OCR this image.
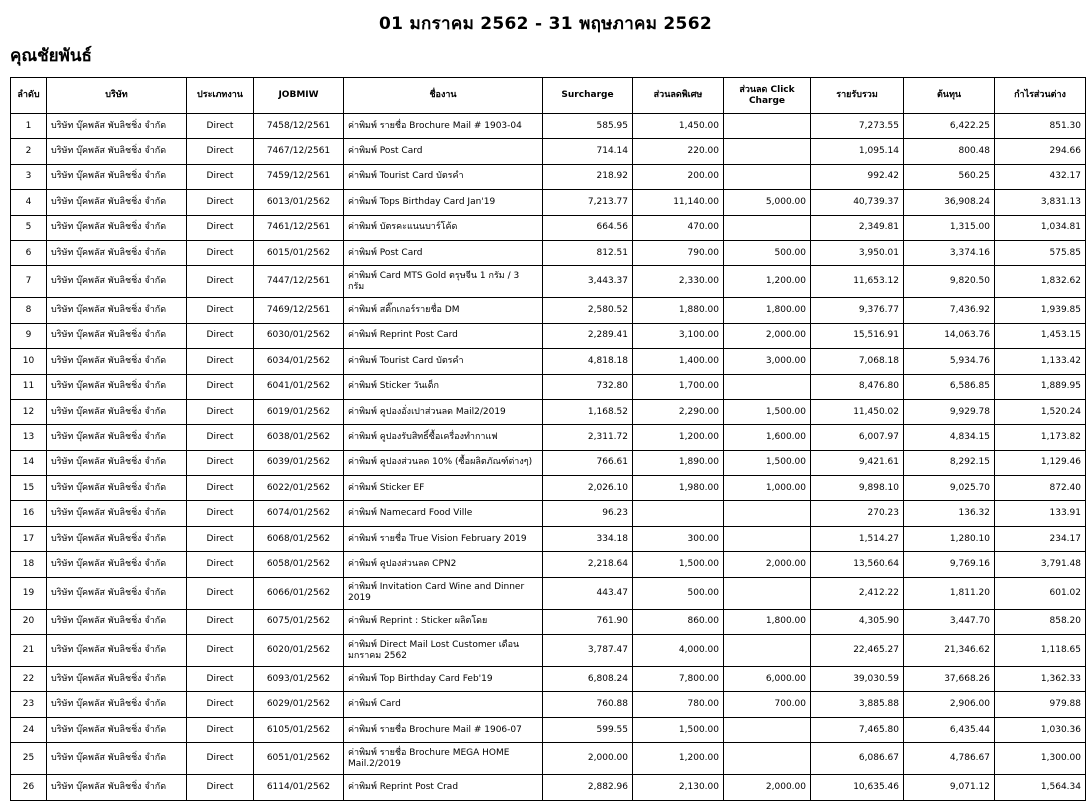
01 มกราคม 2562 - 31 พฤษภาคม 2562
คุณชัยพันธ์
ลำดับ	บริษัท	ประเภทงาน	JOBMIW	ชื่องาน	Surcharge	ส่วนลดพิเศษ	ส่วนลด Click Charge	รายรับรวม	ต้นทุน	กำไรส่วนต่าง
1	บริษัท บุ๊คพลัส พับลิชชิ่ง จำกัด	Direct	7458/12/2561	ค่าพิมพ์ รายชื่อ Brochure Mail # 1903-04	585.95	1,450.00		7,273.55	6,422.25	851.30
2	บริษัท บุ๊คพลัส พับลิชชิ่ง จำกัด	Direct	7467/12/2561	ค่าพิมพ์ Post Card	714.14	220.00		1,095.14	800.48	294.66
3	บริษัท บุ๊คพลัส พับลิชชิ่ง จำกัด	Direct	7459/12/2561	ค่าพิมพ์ Tourist Card บัตรคำ	218.92	200.00		992.42	560.25	432.17
4	บริษัท บุ๊คพลัส พับลิชชิ่ง จำกัด	Direct	6013/01/2562	ค่าพิมพ์ Tops Birthday Card Jan'19	7,213.77	11,140.00	5,000.00	40,739.37	36,908.24	3,831.13
5	บริษัท บุ๊คพลัส พับลิชชิ่ง จำกัด	Direct	7461/12/2561	ค่าพิมพ์ บัตรคะแนนบาร์โค้ด	664.56	470.00		2,349.81	1,315.00	1,034.81
6	บริษัท บุ๊คพลัส พับลิชชิ่ง จำกัด	Direct	6015/01/2562	ค่าพิมพ์ Post Card	812.51	790.00	500.00	3,950.01	3,374.16	575.85
7	บริษัท บุ๊คพลัส พับลิชชิ่ง จำกัด	Direct	7447/12/2561	ค่าพิมพ์ Card MTS Gold ตรุษจีน 1 กรัม / 3 กรัม	3,443.37	2,330.00	1,200.00	11,653.12	9,820.50	1,832.62
8	บริษัท บุ๊คพลัส พับลิชชิ่ง จำกัด	Direct	7469/12/2561	ค่าพิมพ์ สติ๊กเกอร์รายชื่อ DM	2,580.52	1,880.00	1,800.00	9,376.77	7,436.92	1,939.85
9	บริษัท บุ๊คพลัส พับลิชชิ่ง จำกัด	Direct	6030/01/2562	ค่าพิมพ์ Reprint Post Card	2,289.41	3,100.00	2,000.00	15,516.91	14,063.76	1,453.15
10	บริษัท บุ๊คพลัส พับลิชชิ่ง จำกัด	Direct	6034/01/2562	ค่าพิมพ์ Tourist Card บัตรคำ	4,818.18	1,400.00	3,000.00	7,068.18	5,934.76	1,133.42
11	บริษัท บุ๊คพลัส พับลิชชิ่ง จำกัด	Direct	6041/01/2562	ค่าพิมพ์ Sticker วันเด็ก	732.80	1,700.00		8,476.80	6,586.85	1,889.95
12	บริษัท บุ๊คพลัส พับลิชชิ่ง จำกัด	Direct	6019/01/2562	ค่าพิมพ์ คูปองอั่งเปาส่วนลด Mail2/2019	1,168.52	2,290.00	1,500.00	11,450.02	9,929.78	1,520.24
13	บริษัท บุ๊คพลัส พับลิชชิ่ง จำกัด	Direct	6038/01/2562	ค่าพิมพ์ คูปองรับสิทธิ์ซื้อเครื่องทำกาแฟ	2,311.72	1,200.00	1,600.00	6,007.97	4,834.15	1,173.82
14	บริษัท บุ๊คพลัส พับลิชชิ่ง จำกัด	Direct	6039/01/2562	ค่าพิมพ์ คูปองส่วนลด 10% (ซื้อผลิตภัณฑ์ต่างๆ)	766.61	1,890.00	1,500.00	9,421.61	8,292.15	1,129.46
15	บริษัท บุ๊คพลัส พับลิชชิ่ง จำกัด	Direct	6022/01/2562	ค่าพิมพ์ Sticker EF	2,026.10	1,980.00	1,000.00	9,898.10	9,025.70	872.40
16	บริษัท บุ๊คพลัส พับลิชชิ่ง จำกัด	Direct	6074/01/2562	ค่าพิมพ์ Namecard Food Ville	96.23			270.23	136.32	133.91
17	บริษัท บุ๊คพลัส พับลิชชิ่ง จำกัด	Direct	6068/01/2562	ค่าพิมพ์ รายชื่อ True Vision February 2019	334.18	300.00		1,514.27	1,280.10	234.17
18	บริษัท บุ๊คพลัส พับลิชชิ่ง จำกัด	Direct	6058/01/2562	ค่าพิมพ์ คูปองส่วนลด CPN2	2,218.64	1,500.00	2,000.00	13,560.64	9,769.16	3,791.48
19	บริษัท บุ๊คพลัส พับลิชชิ่ง จำกัด	Direct	6066/01/2562	ค่าพิมพ์ Invitation Card Wine and Dinner 2019	443.47	500.00		2,412.22	1,811.20	601.02
20	บริษัท บุ๊คพลัส พับลิชชิ่ง จำกัด	Direct	6075/01/2562	ค่าพิมพ์ Reprint : Sticker ผลิตโดย	761.90	860.00	1,800.00	4,305.90	3,447.70	858.20
21	บริษัท บุ๊คพลัส พับลิชชิ่ง จำกัด	Direct	6020/01/2562	ค่าพิมพ์ Direct Mail Lost Customer เดือน มกราคม 2562	3,787.47	4,000.00		22,465.27	21,346.62	1,118.65
22	บริษัท บุ๊คพลัส พับลิชชิ่ง จำกัด	Direct	6093/01/2562	ค่าพิมพ์ Top Birthday Card Feb'19	6,808.24	7,800.00	6,000.00	39,030.59	37,668.26	1,362.33
23	บริษัท บุ๊คพลัส พับลิชชิ่ง จำกัด	Direct	6029/01/2562	ค่าพิมพ์ Card	760.88	780.00	700.00	3,885.88	2,906.00	979.88
24	บริษัท บุ๊คพลัส พับลิชชิ่ง จำกัด	Direct	6105/01/2562	ค่าพิมพ์ รายชื่อ Brochure Mail # 1906-07	599.55	1,500.00		7,465.80	6,435.44	1,030.36
25	บริษัท บุ๊คพลัส พับลิชชิ่ง จำกัด	Direct	6051/01/2562	ค่าพิมพ์ รายชื่อ Brochure MEGA HOME Mail.2/2019	2,000.00	1,200.00		6,086.67	4,786.67	1,300.00
26	บริษัท บุ๊คพลัส พับลิชชิ่ง จำกัด	Direct	6114/01/2562	ค่าพิมพ์ Reprint Post Crad	2,882.96	2,130.00	2,000.00	10,635.46	9,071.12	1,564.34
